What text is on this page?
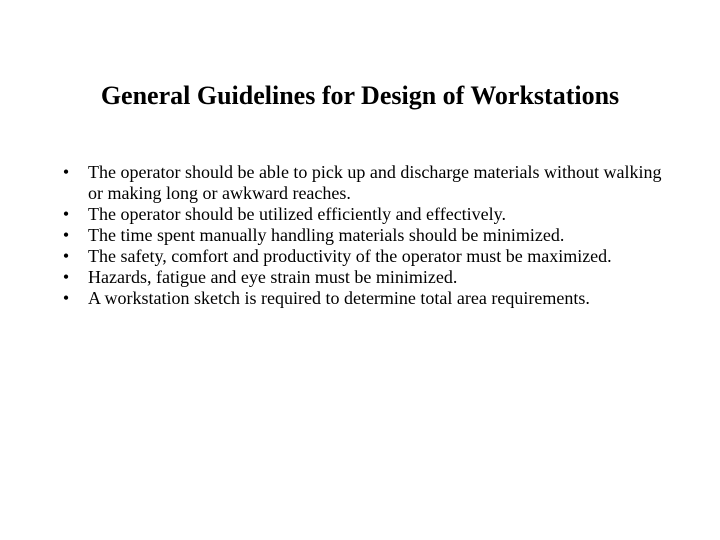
General Guidelines for Design of Workstations
• The operator should be able to pick up and discharge materials without walking or making long or awkward reaches.
• The operator should be utilized efficiently and effectively.
• The time spent manually handling materials should be minimized.
• The safety, comfort and productivity of the operator must be maximized.
• Hazards, fatigue and eye strain must be minimized.
• A workstation sketch is required to determine total area requirements.
